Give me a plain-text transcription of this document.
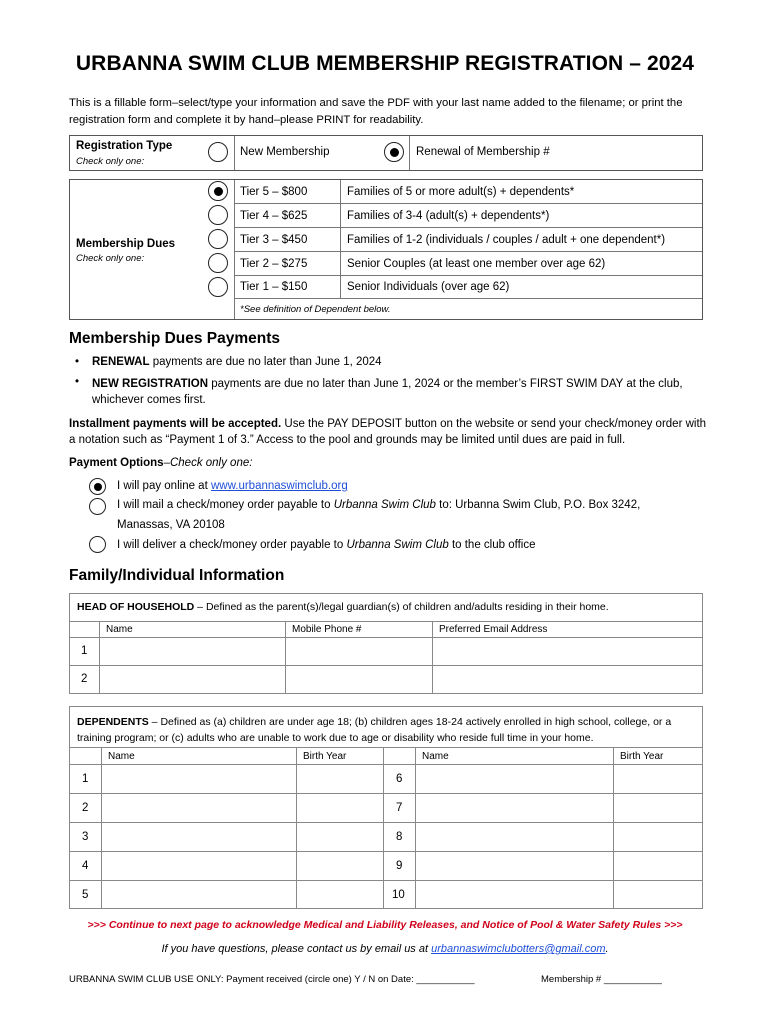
URBANNA SWIM CLUB MEMBERSHIP REGISTRATION – 2024
This is a fillable form–select/type your information and save the PDF with your last name added to the filename; or print the registration form and complete it by hand–please PRINT for readability.
Registration Type
Check only one:
New Membership	Renewal of Membership #
Membership Dues
Check only one:
Tier 5 – $800	Families of 5 or more adult(s) + dependents*
Tier 4 – $625	Families of 3-4 (adult(s) + dependents*)
Tier 3 – $450	Families of 1-2 (individuals / couples / adult + one dependent*)
Tier 2 – $275	Senior Couples (at least one member over age 62)
Tier 1 – $150	Senior Individuals (over age 62)
*See definition of Dependent below.
Membership Dues Payments
• RENEWAL payments are due no later than June 1, 2024
• NEW REGISTRATION payments are due no later than June 1, 2024 or the member’s FIRST SWIM DAY at the club, whichever comes first.
Installment payments will be accepted. Use the PAY DEPOSIT button on the website or send your check/money order with a notation such as “Payment 1 of 3.” Access to the pool and grounds may be limited until dues are paid in full.
Payment Options–Check only one:
I will pay online at www.urbannaswimclub.org
I will mail a check/money order payable to Urbanna Swim Club to: Urbanna Swim Club, P.O. Box 3242,
Manassas, VA 20108
I will deliver a check/money order payable to Urbanna Swim Club to the club office
Family/Individual Information
HEAD OF HOUSEHOLD – Defined as the parent(s)/legal guardian(s) of children and/adults residing in their home.
Name	Mobile Phone #	Preferred Email Address
1
2
DEPENDENTS – Defined as (a) children are under age 18; (b) children ages 18-24 actively enrolled in high school, college, or a training program; or (c) adults who are unable to work due to age or disability who reside full time in your home.
Name	Birth Year	Name	Birth Year
1	6
2	7
3	8
4	9
5	10
>>> Continue to next page to acknowledge Medical and Liability Releases, and Notice of Pool & Water Safety Rules >>>
If you have questions, please contact us by email us at urbannaswimclubotters@gmail.com.
URBANNA SWIM CLUB USE ONLY: Payment received (circle one) Y / N on Date: ___________	Membership # ___________
